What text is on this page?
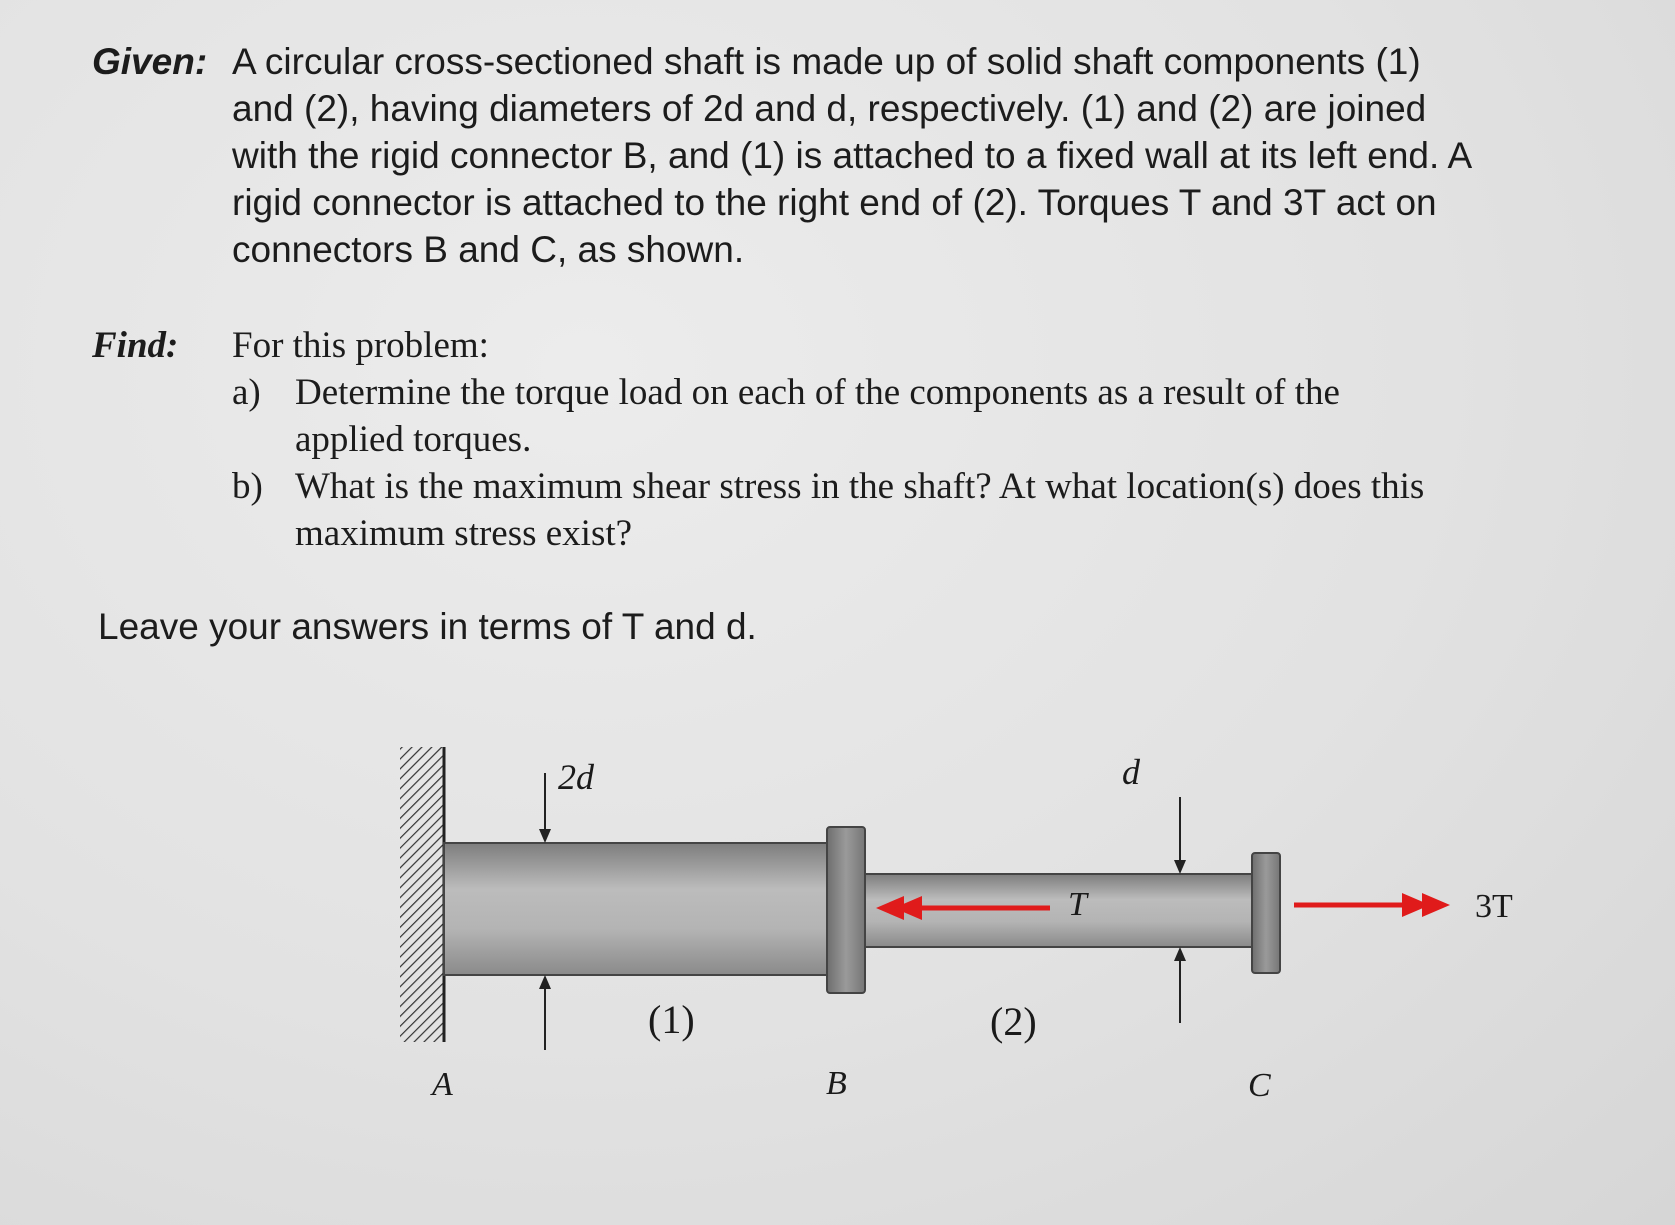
Given: A circular cross-sectioned shaft is made up of solid shaft components (1)
and (2), having diameters of 2d and d, respectively. (1) and (2) are joined
with the rigid connector B, and (1) is attached to a fixed wall at its left end. A
rigid connector is attached to the right end of (2). Torques T and 3T act on
connectors B and C, as shown.
Find: For this problem:
a) Determine the torque load on each of the components as a result of the
applied torques.
b) What is the maximum shear stress in the shaft? At what location(s) does this
maximum stress exist?
Leave your answers in terms of T and d.
2d	d
(1)	(2)
A	B	C
T	3T
